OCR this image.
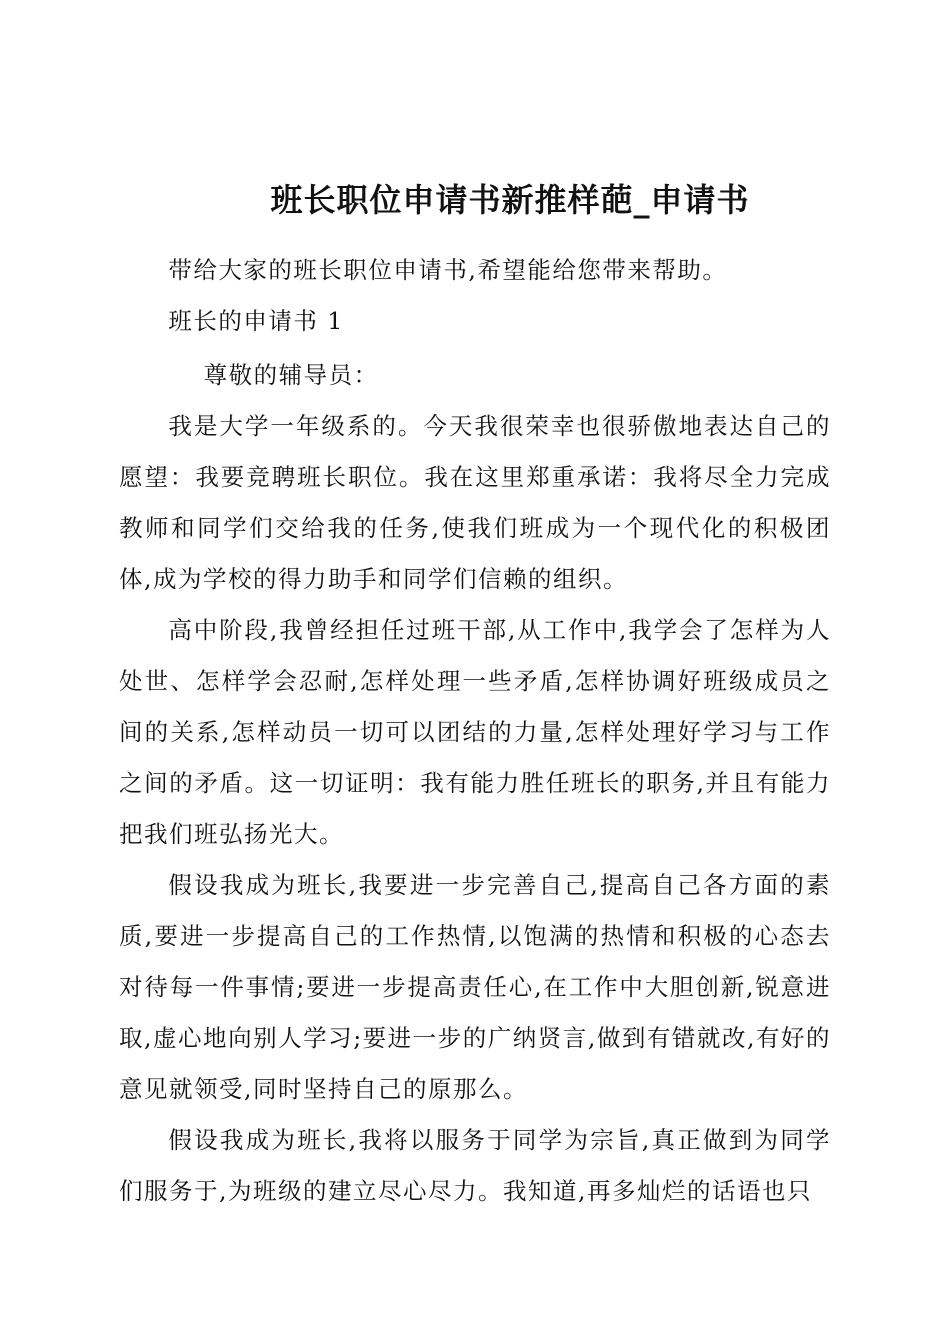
班长职位申请书新推样葩_申请书

带给大家的班长职位申请书,希望能给您带来帮助。

班长的申请书 1

尊敬的辅导员：

我是大学一年级系的。今天我很荣幸也很骄傲地表达自己的愿望：我要竞聘班长职位。我在这里郑重承诺：我将尽全力完成教师和同学们交给我的任务,使我们班成为一个现代化的积极团体,成为学校的得力助手和同学们信赖的组织。

高中阶段,我曾经担任过班干部,从工作中,我学会了怎样为人处世、怎样学会忍耐,怎样处理一些矛盾,怎样协调好班级成员之间的关系,怎样动员一切可以团结的力量,怎样处理好学习与工作之间的矛盾。这一切证明：我有能力胜任班长的职务,并且有能力把我们班弘扬光大。

假设我成为班长,我要进一步完善自己,提高自己各方面的素质,要进一步提高自己的工作热情,以饱满的热情和积极的心态去对待每一件事情;要进一步提高责任心,在工作中大胆创新,锐意进取,虚心地向别人学习;要进一步的广纳贤言,做到有错就改,有好的意见就领受,同时坚持自己的原那么。

假设我成为班长,我将以服务于同学为宗旨,真正做到为同学们服务于,为班级的建立尽心尽力。我知道,再多灿烂的话语也只
